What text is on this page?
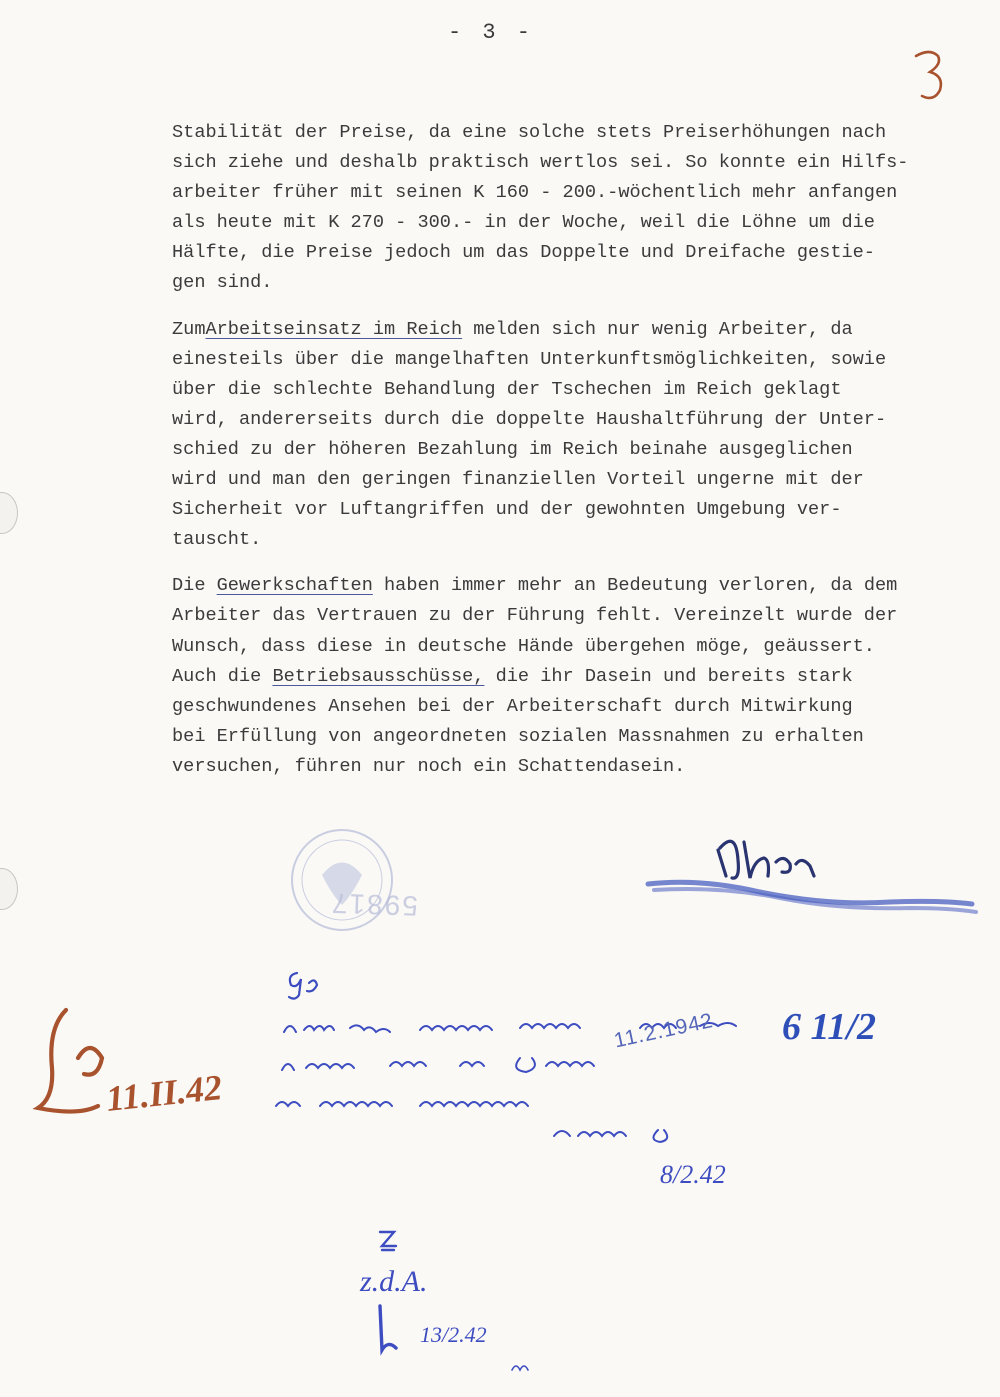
- 3 -

Stabilität der Preise, da eine solche stets Preiserhöhungen nach
sich ziehe und deshalb praktisch wertlos sei. So konnte ein Hilfs-
arbeiter früher mit seinen K 160 - 200.-wöchentlich mehr anfangen
als heute mit K 270 - 300.- in der Woche, weil die Löhne um die
Hälfte, die Preise jedoch um das Doppelte und Dreifache gestie-
gen sind.

ZumArbeitseinsatz im Reich melden sich nur wenig Arbeiter, da
einesteils über die mangelhaften Unterkunftsmöglichkeiten, sowie
über die schlechte Behandlung der Tschechen im Reich geklagt
wird, andererseits durch die doppelte Haushaltführung der Unter-
schied zu der höheren Bezahlung im Reich beinahe ausgeglichen
wird und man den geringen finanziellen Vorteil ungerne mit der
Sicherheit vor Luftangriffen und der gewohnten Umgebung ver-
tauscht.

Die Gewerkschaften haben immer mehr an Bedeutung verloren, da dem
Arbeiter das Vertrauen zu der Führung fehlt. Vereinzelt wurde der
Wunsch, dass diese in deutsche Hände übergehen möge, geäussert.
Auch die Betriebsausschüsse, die ihr Dasein und bereits stark
geschwundenes Ansehen bei der Arbeiterschaft durch Mitwirkung
bei Erfüllung von angeordneten sozialen Massnahmen zu erhalten
versuchen, führen nur noch ein Schattendasein.

59817
11.2.1942 6 11/2
8/2.42
11.II.42
z.d.A.
13/2.42
